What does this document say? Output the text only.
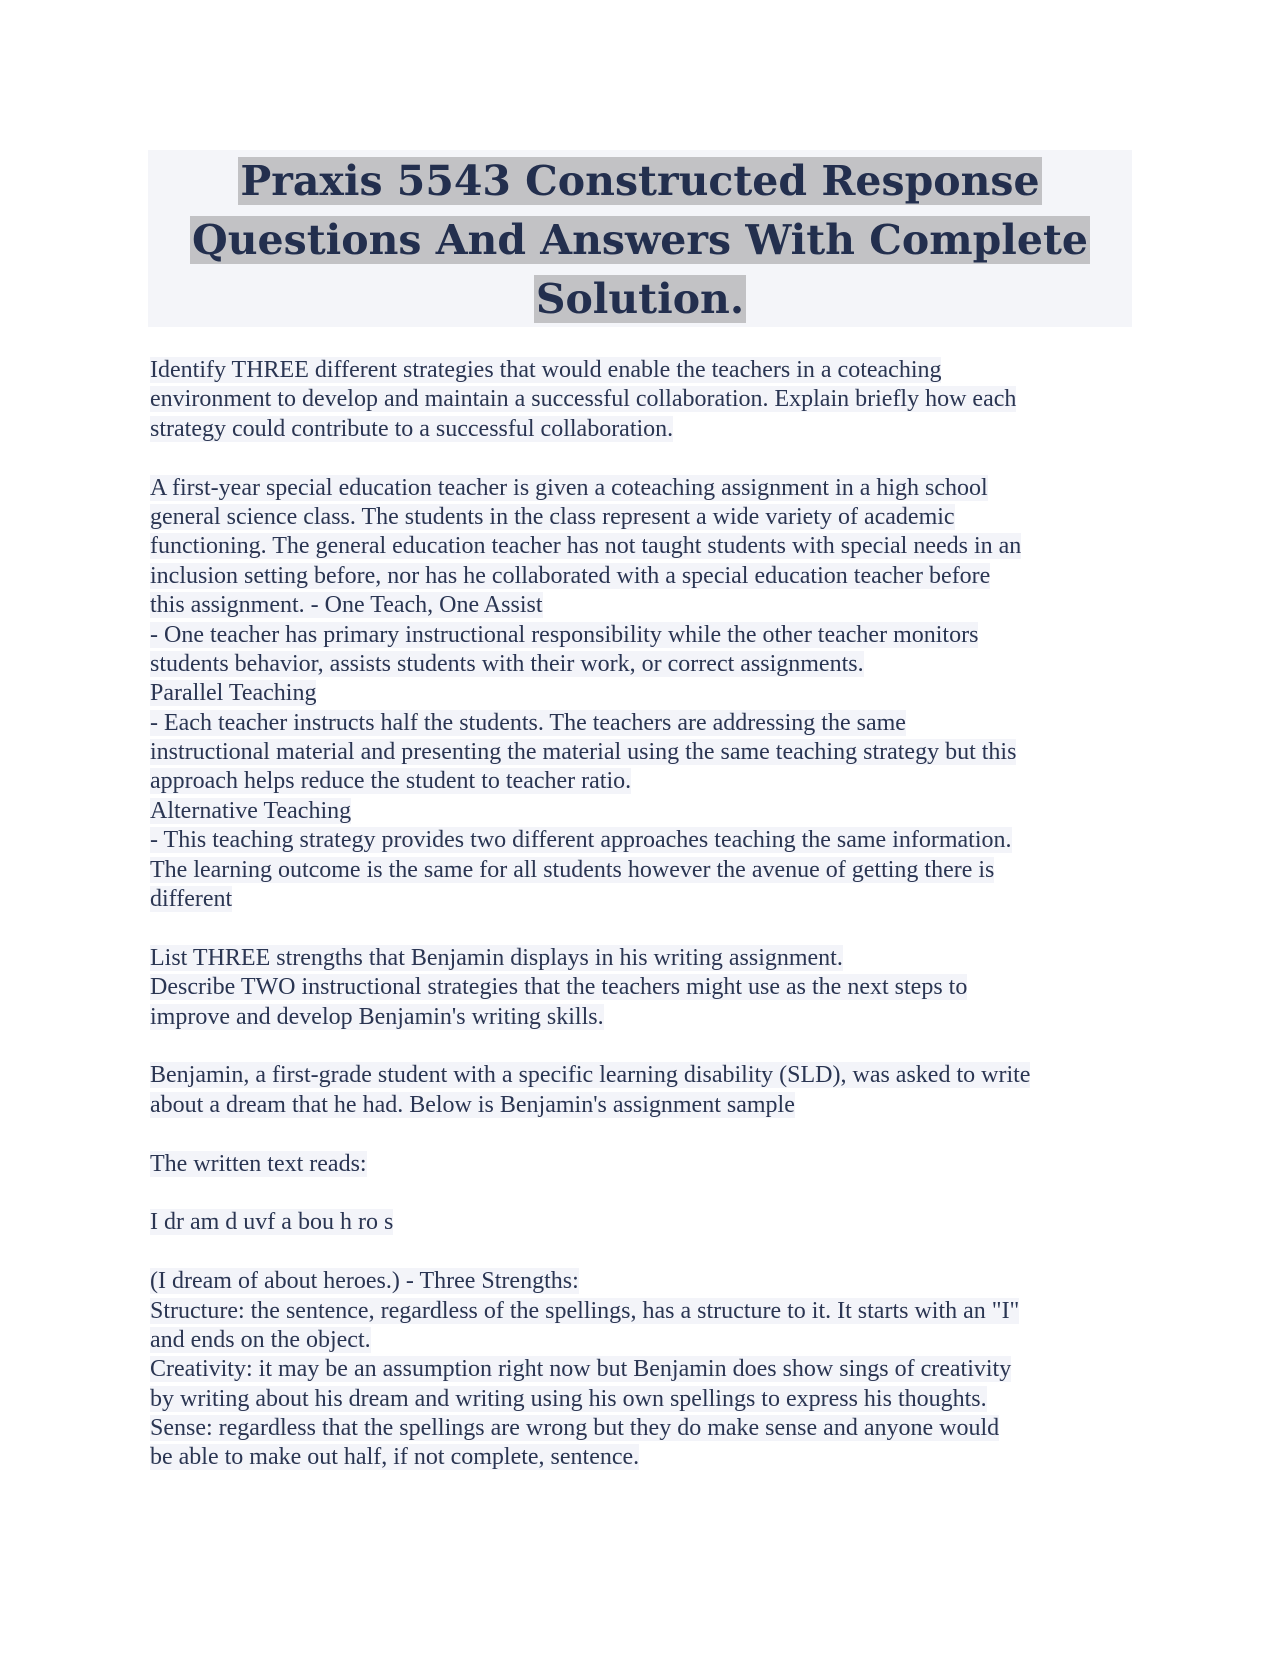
Praxis 5543 Constructed Response
Questions And Answers With Complete
Solution.
Identify THREE different strategies that would enable the teachers in a coteaching
environment to develop and maintain a successful collaboration. Explain briefly how each
strategy could contribute to a successful collaboration.
A first-year special education teacher is given a coteaching assignment in a high school
general science class. The students in the class represent a wide variety of academic
functioning. The general education teacher has not taught students with special needs in an
inclusion setting before, nor has he collaborated with a special education teacher before
this assignment. - One Teach, One Assist
- One teacher has primary instructional responsibility while the other teacher monitors
students behavior, assists students with their work, or correct assignments.
Parallel Teaching
- Each teacher instructs half the students. The teachers are addressing the same
instructional material and presenting the material using the same teaching strategy but this
approach helps reduce the student to teacher ratio.
Alternative Teaching
- This teaching strategy provides two different approaches teaching the same information.
The learning outcome is the same for all students however the avenue of getting there is
different
List THREE strengths that Benjamin displays in his writing assignment.
Describe TWO instructional strategies that the teachers might use as the next steps to
improve and develop Benjamin's writing skills.
Benjamin, a first-grade student with a specific learning disability (SLD), was asked to write
about a dream that he had. Below is Benjamin's assignment sample
The written text reads:
I dr am d uvf a bou h ro s
(I dream of about heroes.) - Three Strengths:
Structure: the sentence, regardless of the spellings, has a structure to it. It starts with an "I"
and ends on the object.
Creativity: it may be an assumption right now but Benjamin does show sings of creativity
by writing about his dream and writing using his own spellings to express his thoughts.
Sense: regardless that the spellings are wrong but they do make sense and anyone would
be able to make out half, if not complete, sentence.
